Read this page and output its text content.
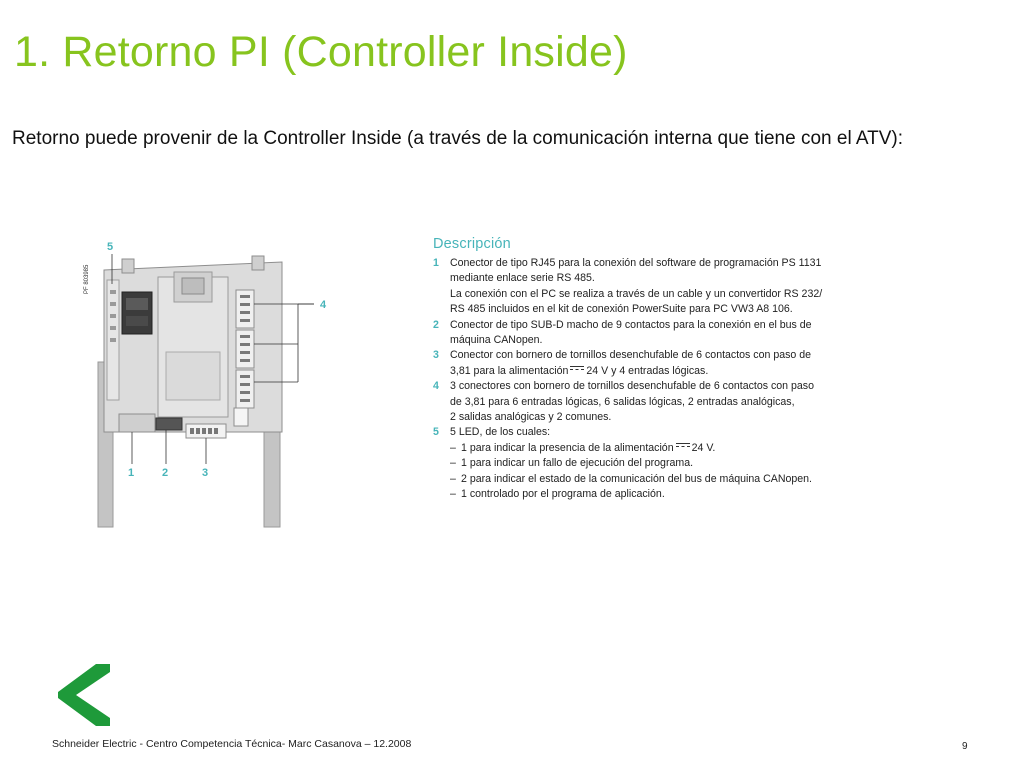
1. Retorno PI (Controller Inside)
Retorno puede provenir de la Controller Inside (a través de la comunicación interna que tiene con el ATV):
PF 803985
5
4
1	2	3
Descripción
1	Conector de tipo RJ45 para la conexión del software de programación PS 1131
mediante enlace serie RS 485.
La conexión con el PC se realiza a través de un cable y un convertidor RS 232/
RS 485 incluidos en el kit de conexión PowerSuite para PC VW3 A8 106.
2	Conector de tipo SUB-D macho de 9 contactos para la conexión en el bus de
máquina CANopen.
3	Conector con bornero de tornillos desenchufable de 6 contactos con paso de
3,81 para la alimentación 24 V y 4 entradas lógicas.
4	3 conectores con bornero de tornillos desenchufable de 6 contactos con paso
de 3,81 para 6 entradas lógicas, 6 salidas lógicas, 2 entradas analógicas,
2 salidas analógicas y 2 comunes.
5	5 LED, de los cuales:
– 1 para indicar la presencia de la alimentación 24 V.
– 1 para indicar un fallo de ejecución del programa.
– 2 para indicar el estado de la comunicación del bus de máquina CANopen.
– 1 controlado por el programa de aplicación.
Schneider Electric - Centro Competencia Técnica- Marc Casanova – 12.2008	9
